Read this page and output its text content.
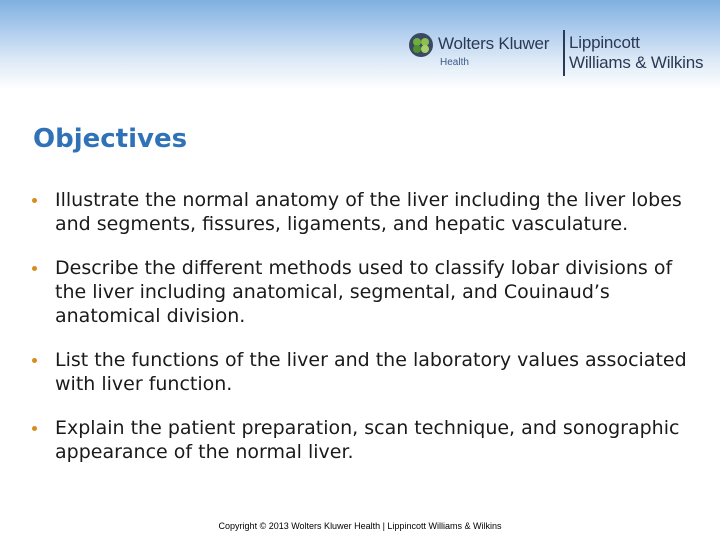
Wolters Kluwer
Health
Lippincott
Williams & Wilkins
Objectives
Illustrate the normal anatomy of the liver including the liver lobes and segments, fissures, ligaments, and hepatic vasculature.
Describe the different methods used to classify lobar divisions of the liver including anatomical, segmental, and Couinaud’s anatomical division.
List the functions of the liver and the laboratory values associated with liver function.
Explain the patient preparation, scan technique, and sonographic appearance of the normal liver.
Copyright © 2013 Wolters Kluwer Health | Lippincott Williams & Wilkins
